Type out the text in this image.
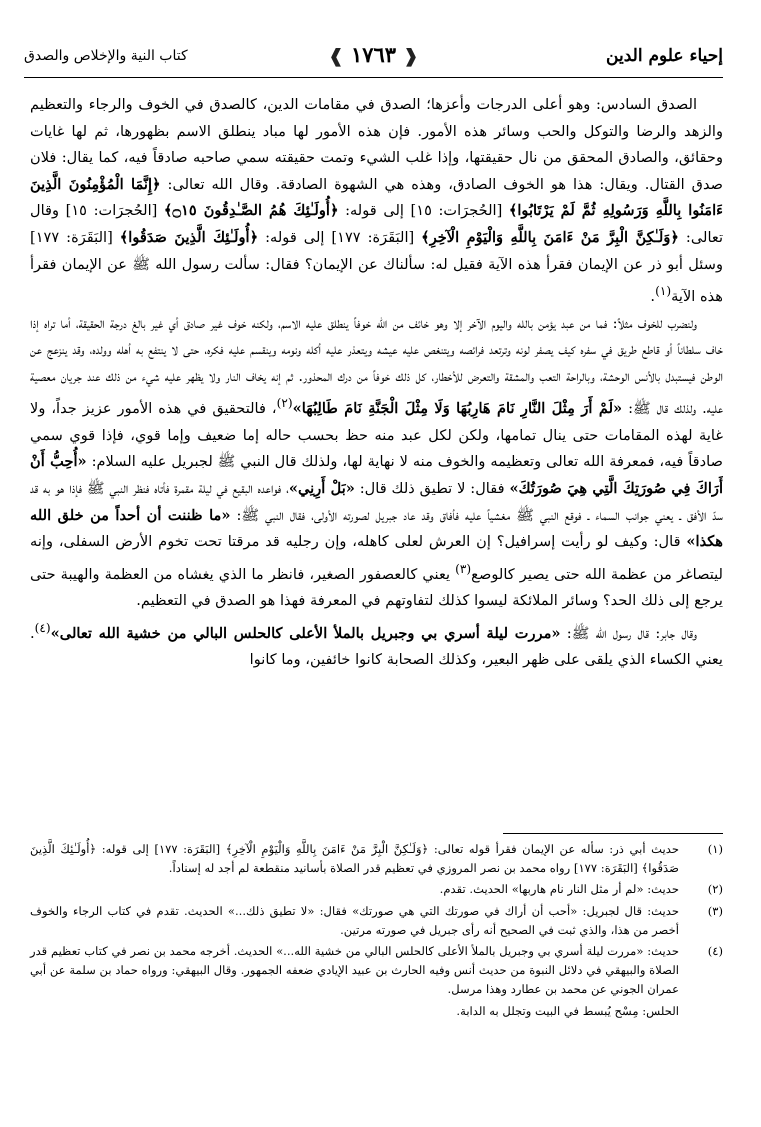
إحياء علوم الدين
❰ ١٧٦٣ ❱
كتاب النية والإخلاص والصدق

الصدق السادس: وهو أعلى الدرجات وأعزها؛ الصدق في مقامات الدين، كالصدق في الخوف والرجاء والتعظيم والزهد والرضا والتوكل والحب وسائر هذه الأمور. فإن هذه الأمور لها مباد ينطلق الاسم بظهورها، ثم لها غايات وحقائق، والصادق المحقق من نال حقيقتها، وإذا غلب الشيء وتمت حقيقته سمي صاحبه صادقاً فيه، كما يقال: فلان صدق القتال. ويقال: هذا هو الخوف الصادق، وهذه هي الشهوة الصادقة. وقال الله تعالى: ﴿إِنَّمَا الْمُؤْمِنُونَ الَّذِينَ ءَامَنُوا بِاللَّهِ وَرَسُولِهِ ثُمَّ لَمْ يَرْتَابُوا﴾ [الحُجرَات: ١٥] إلى قوله: ﴿أُولَـٰئِكَ هُمُ الصَّـٰدِقُونَ ۝١٥﴾ [الحُجرَات: ١٥] وقال تعالى: ﴿وَلَـٰكِنَّ الْبِرَّ مَنْ ءَامَنَ بِاللَّهِ وَالْيَوْمِ الْآخِرِ﴾ [البَقَرَة: ١٧٧] إلى قوله: ﴿أُولَـٰئِكَ الَّذِينَ صَدَقُوا﴾ [البَقَرَة: ١٧٧] وسئل أبو ذر عن الإيمان فقرأ هذه الآية فقيل له: سألناك عن الإيمان؟ فقال: سألت رسول الله ﷺ عن الإيمان فقرأ هذه الآية$^{(١)}$.

ولنضرب للخوف مثلاً: فما من عبد يؤمن بالله واليوم الآخر إلا وهو خائف من الله خوفاً ينطلق عليه الاسم، ولكنه خوف غير صادق أي غير بالغ درجة الحقيقة، أما تراه إذا خاف سلطاناً أو قاطع طريق في سفره كيف يصفر لونه وترتعد فرائصه ويتنغص عليه عيشه ويتعذر عليه أكله ونومه وينقسم عليه فكره، حتى لا ينتفع به أهله وولده، وقد ينزعج عن الوطن فيستبدل بالأنس الوحشة، وبالراحة التعب والمشقة والتعرض للأخطار، كل ذلك خوفاً من درك المحذور. ثم إنه يخاف النار ولا يظهر عليه شيء من ذلك عند جريان معصية عليه. ولذلك قال ﷺ: «لَمْ أَرَ مِثْلَ النَّارِ نَامَ هَارِبُهَا وَلَا مِثْلَ الْجَنَّةِ نَامَ طَالِبُهَا»$^{(٢)}$، فالتحقيق في هذه الأمور عزيز جداً، ولا غاية لهذه المقامات حتى ينال تمامها، ولكن لكل عبد منه حظ بحسب حاله إما ضعيف وإما قوي، فإذا قوي سمي صادقاً فيه، فمعرفة الله تعالى وتعظيمه والخوف منه لا نهاية لها، ولذلك قال النبي ﷺ لجبريل عليه السلام: «أُحِبُّ أَنْ أَرَاكَ فِي صُورَتِكَ الَّتِي هِيَ صُورَتُكَ» فقال: لا تطيق ذلك قال: «بَلْ أَرِنِي»، فواعده البقيع في ليلة مقمرة فأتاه فنظر النبي ﷺ فإذا هو به قد سدّ الأفق ـ يعني جوانب السماء ـ فوقع النبي ﷺ مغشياً عليه فأفاق وقد عاد جبريل لصورته الأولى، فقال النبي ﷺ: «ما ظننت أن أحداً من خلق الله هكذا» قال: وكيف لو رأيت إسرافيل؟ إن العرش لعلى كاهله، وإن رجليه قد مرقتا تحت تخوم الأرض السفلى، وإنه ليتصاغر من عظمة الله حتى يصير كالوصع$^{(٣)}$ يعني كالعصفور الصغير، فانظر ما الذي يغشاه من العظمة والهيبة حتى يرجع إلى ذلك الحد؟ وسائر الملائكة ليسوا كذلك لتفاوتهم في المعرفة فهذا هو الصدق في التعظيم.

وقال جابر: قال رسول الله ﷺ: «مررت ليلة أسري بي وجبريل بالملأ الأعلى كالحلس البالي من خشية الله تعالى»$^{(٤)}$. يعني الكساء الذي يلقى على ظهر البعير، وكذلك الصحابة كانوا خائفين، وما كانوا

(١)
حديث أبي ذر: سأله عن الإيمان فقرأ قوله تعالى: ﴿وَلَـٰكِنَّ الْبِرَّ مَنْ ءَامَنَ بِاللَّهِ وَالْيَوْمِ الْآخِرِ﴾ [البَقَرَة: ١٧٧] إلى قوله: ﴿أُولَـٰئِكَ الَّذِينَ صَدَقُوا﴾ [البَقَرَة: ١٧٧] رواه محمد بن نصر المروزي في تعظيم قدر الصلاة بأسانيد منقطعة لم أجد له إسناداً.
(٢)
حديث: «لم أر مثل النار نام هاربها» الحديث. تقدم.
(٣)
حديث: قال لجبريل: «أحب أن أراك في صورتك التي هي صورتك» فقال: «لا تطيق ذلك...» الحديث. تقدم في كتاب الرجاء والخوف أخصر من هذا، والذي ثبت في الصحيح أنه رأى جبريل في صورته مرتين.
(٤)
حديث: «مررت ليلة أسري بي وجبريل بالملأ الأعلى كالحلس البالي من خشية الله...» الحديث. أخرجه محمد بن نصر في كتاب تعظيم قدر الصلاة والبيهقي في دلائل النبوة من حديث أنس وفيه الحارث بن عبيد الإيادي ضعفه الجمهور. وقال البيهقي: ورواه حماد بن سلمة عن أبي عمران الجوني عن محمد بن عطارد وهذا مرسل.
الحلس: مِسْح يُبسط في البيت وتجلل به الدابة.
